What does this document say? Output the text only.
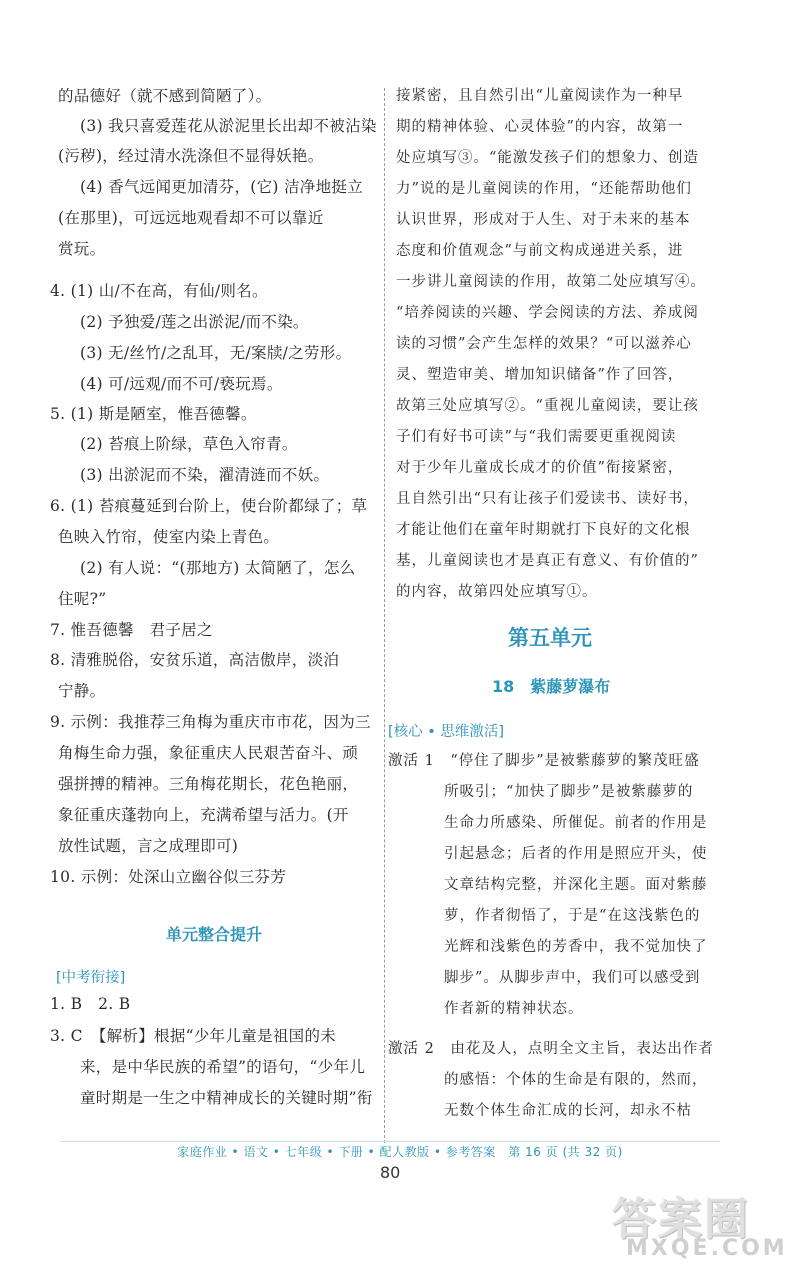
的品德好（就不感到简陋了）。
(3) 我只喜爱莲花从淤泥里长出却不被沾染
(污秽)，经过清水洗涤但不显得妖艳。
(4) 香气远闻更加清芬，(它) 洁净地挺立
(在那里)，可远远地观看却不可以靠近
赏玩。
4. (1) 山/不在高，有仙/则名。
(2) 予独爱/莲之出淤泥/而不染。
(3) 无/丝竹/之乱耳，无/案牍/之劳形。
(4) 可/远观/而不可/亵玩焉。
5. (1) 斯是陋室，惟吾德馨。
(2) 苔痕上阶绿，草色入帘青。
(3) 出淤泥而不染，濯清涟而不妖。
6. (1) 苔痕蔓延到台阶上，使台阶都绿了；草
色映入竹帘，使室内染上青色。
(2) 有人说：“(那地方) 太简陋了，怎么
住呢?”
7. 惟吾德馨　君子居之
8. 清雅脱俗，安贫乐道，高洁傲岸，淡泊
宁静。
9. 示例：我推荐三角梅为重庆市市花，因为三
角梅生命力强，象征重庆人民艰苦奋斗、顽
强拼搏的精神。三角梅花期长，花色艳丽，
象征重庆蓬勃向上，充满希望与活力。(开
放性试题，言之成理即可)
10. 示例：处深山立幽谷似三芬芳
1. B　2. B
3. C　【解析】根据“少年儿童是祖国的未
来，是中华民族的希望”的语句，“少年儿
童时期是一生之中精神成长的关键时期”衔
接紧密，且自然引出“儿童阅读作为一种早
期的精神体验、心灵体验”的内容，故第一
处应填写③。“能激发孩子们的想象力、创造
力”说的是儿童阅读的作用，“还能帮助他们
认识世界，形成对于人生、对于未来的基本
态度和价值观念”与前文构成递进关系，进
一步讲儿童阅读的作用，故第二处应填写④。
“培养阅读的兴趣、学会阅读的方法、养成阅
读的习惯”会产生怎样的效果？“可以滋养心
灵、塑造审美、增加知识储备”作了回答，
故第三处应填写②。“重视儿童阅读，要让孩
子们有好书可读”与“我们需要更重视阅读
对于少年儿童成长成才的价值”衔接紧密，
且自然引出“只有让孩子们爱读书、读好书，
才能让他们在童年时期就打下良好的文化根
基，儿童阅读也才是真正有意义、有价值的”
的内容，故第四处应填写①。
激活 1　“停住了脚步”是被紫藤萝的繁茂旺盛
所吸引；“加快了脚步”是被紫藤萝的
生命力所感染、所催促。前者的作用是
引起悬念；后者的作用是照应开头，使
文章结构完整，并深化主题。面对紫藤
萝，作者彻悟了，于是“在这浅紫色的
光辉和浅紫色的芳香中，我不觉加快了
脚步”。从脚步声中，我们可以感受到
作者新的精神状态。
激活 2　由花及人，点明全文主旨，表达出作者
的感悟：个体的生命是有限的，然而，
无数个体生命汇成的长河，却永不枯
单元整合提升
[中考衔接]
第五单元
18　紫藤萝瀑布
[核心 • 思维激活]
家庭作业 • 语文 • 七年级 • 下册 • 配人教版 • 参考答案　第 16 页 (共 32 页)
80
答案圈
MXQE.COM
